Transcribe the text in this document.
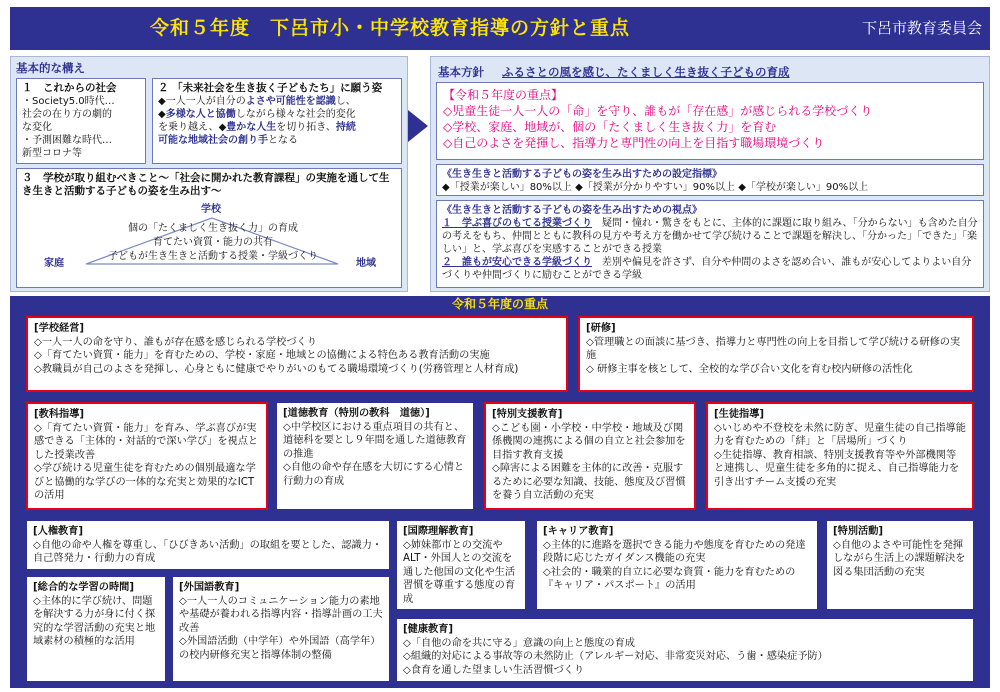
令和５年度　下呂市小・中学校教育指導の方針と重点	下呂市教育委員会
基本的な構え
１　これからの社会
・Society5.0時代…
社会の在り方の劇的
な変化
・予測困難な時代…
新型コロナ等
２ 「未来社会を生き抜く子どもたち」に願う姿
◆一人一人が自分のよさや可能性を認識し、
◆多様な人と協働しながら様々な社会的変化
を乗り越え、◆豊かな人生を切り拓き、持続
可能な地域社会の創り手となる
３　学校が取り組むべきこと～「社会に開かれた教育課程」の実施を通して生き生きと活動する子どもの姿を生み出す～
学校
家庭	地域
個の「たくましく生き抜く力」の育成
育てたい資質・能力の共有
子どもが生き生きと活動する授業・学級づくり
基本方針 ふるさとの風を感じ、たくましく生き抜く子どもの育成
【令和５年度の重点】
◇児童生徒一人一人の「命」を守り、誰もが「存在感」が感じられる学校づくり
◇学校、家庭、地域が、個の「たくましく生き抜く力」を育む
◇自己のよさを発揮し、指導力と専門性の向上を目指す職場環境づくり
《生き生きと活動する子どもの姿を生み出すための設定指標》
◆「授業が楽しい」80%以上 ◆「授業が分かりやすい」90%以上 ◆「学校が楽しい」90%以上
《生き生きと活動する子どもの姿を生み出すための視点》
１　学ぶ喜びのもてる授業づくり　疑問・憧れ・驚きをもとに、主体的に課題に取り組み、「分からない」も含めた自分の考えをもち、仲間とともに教科の見方や考え方を働かせて学び続けることで課題を解決し、「分かった」「できた」「楽しい」と、学ぶ喜びを実感することができる授業
２　誰もが安心できる学級づくり　差別や偏見を許さず、自分や仲間のよさを認め合い、誰もが安心してよりよい自分づくりや仲間づくりに励むことができる学級
令和５年度の重点
[学校経営]
◇一人一人の命を守り、誰もが存在感を感じられる学校づくり
◇「育てたい資質・能力」を育むための、学校・家庭・地域との協働による特色ある教育活動の実施
◇教職員が自己のよさを発揮し、心身ともに健康でやりがいのもてる職場環境づくり(労務管理と人材育成)
[研修]
◇管理職との面談に基づき、指導力と専門性の向上を目指して学び続ける研修の実施
◇ 研修主事を核として、全校的な学び合い文化を育む校内研修の活性化
[教科指導]
◇「育てたい資質・能力」を育み、学ぶ喜びが実感できる「主体的・対話的で深い学び」を視点とした授業改善
◇学び続ける児童生徒を育むための個別最適な学びと協働的な学びの一体的な充実と効果的なICTの活用
[道徳教育（特別の教科　道徳）]
◇中学校区における重点項目の共有と、道徳科を要とし９年間を通した道徳教育の推進
◇自他の命や存在感を大切にする心情と行動力の育成
[特別支援教育]
◇こども園・小学校・中学校・地域及び関係機関の連携による個の自立と社会参加を目指す教育支援
◇障害による困難を主体的に改善・克服するために必要な知識、技能、態度及び習慣を養う自立活動の充実
[生徒指導]
◇いじめや不登校を未然に防ぎ、児童生徒の自己指導能力を育むための「絆」と「居場所」づくり
◇生徒指導、教育相談、特別支援教育等や外部機関等と連携し、児童生徒を多角的に捉え、自己指導能力を引き出すチーム支援の充実
[人権教育]
◇自他の命や人権を尊重し、「ひびきあい活動」の取組を要とした、認識力・自己啓発力・行動力の育成
[国際理解教育]
◇姉妹都市との交流やALT・外国人との交流を通した他国の文化や生活習慣を尊重する態度の育成
[キャリア教育]
◇主体的に進路を選択できる能力や態度を育むための発達段階に応じたガイダンス機能の充実
◇社会的・職業的自立に必要な資質・能力を育むための『キャリア・パスポート』の活用
[特別活動]
◇自他のよさや可能性を発揮しながら生活上の課題解決を図る集団活動の充実
[総合的な学習の時間]
◇主体的に学び続け、問題を解決する力が身に付く探究的な学習活動の充実と地域素材の積極的な活用
[外国語教育]
◇一人一人のコミュニケーション能力の素地や基礎が養われる指導内容・指導計画の工夫改善
◇外国語活動（中学年）や外国語（高学年）の校内研修充実と指導体制の整備
[健康教育]
◇「自他の命を共に守る」意識の向上と態度の育成
◇組織的対応による事故等の未然防止（アレルギー対応、非常変災対応、う歯・感染症予防）
◇食育を通した望ましい生活習慣づくり
